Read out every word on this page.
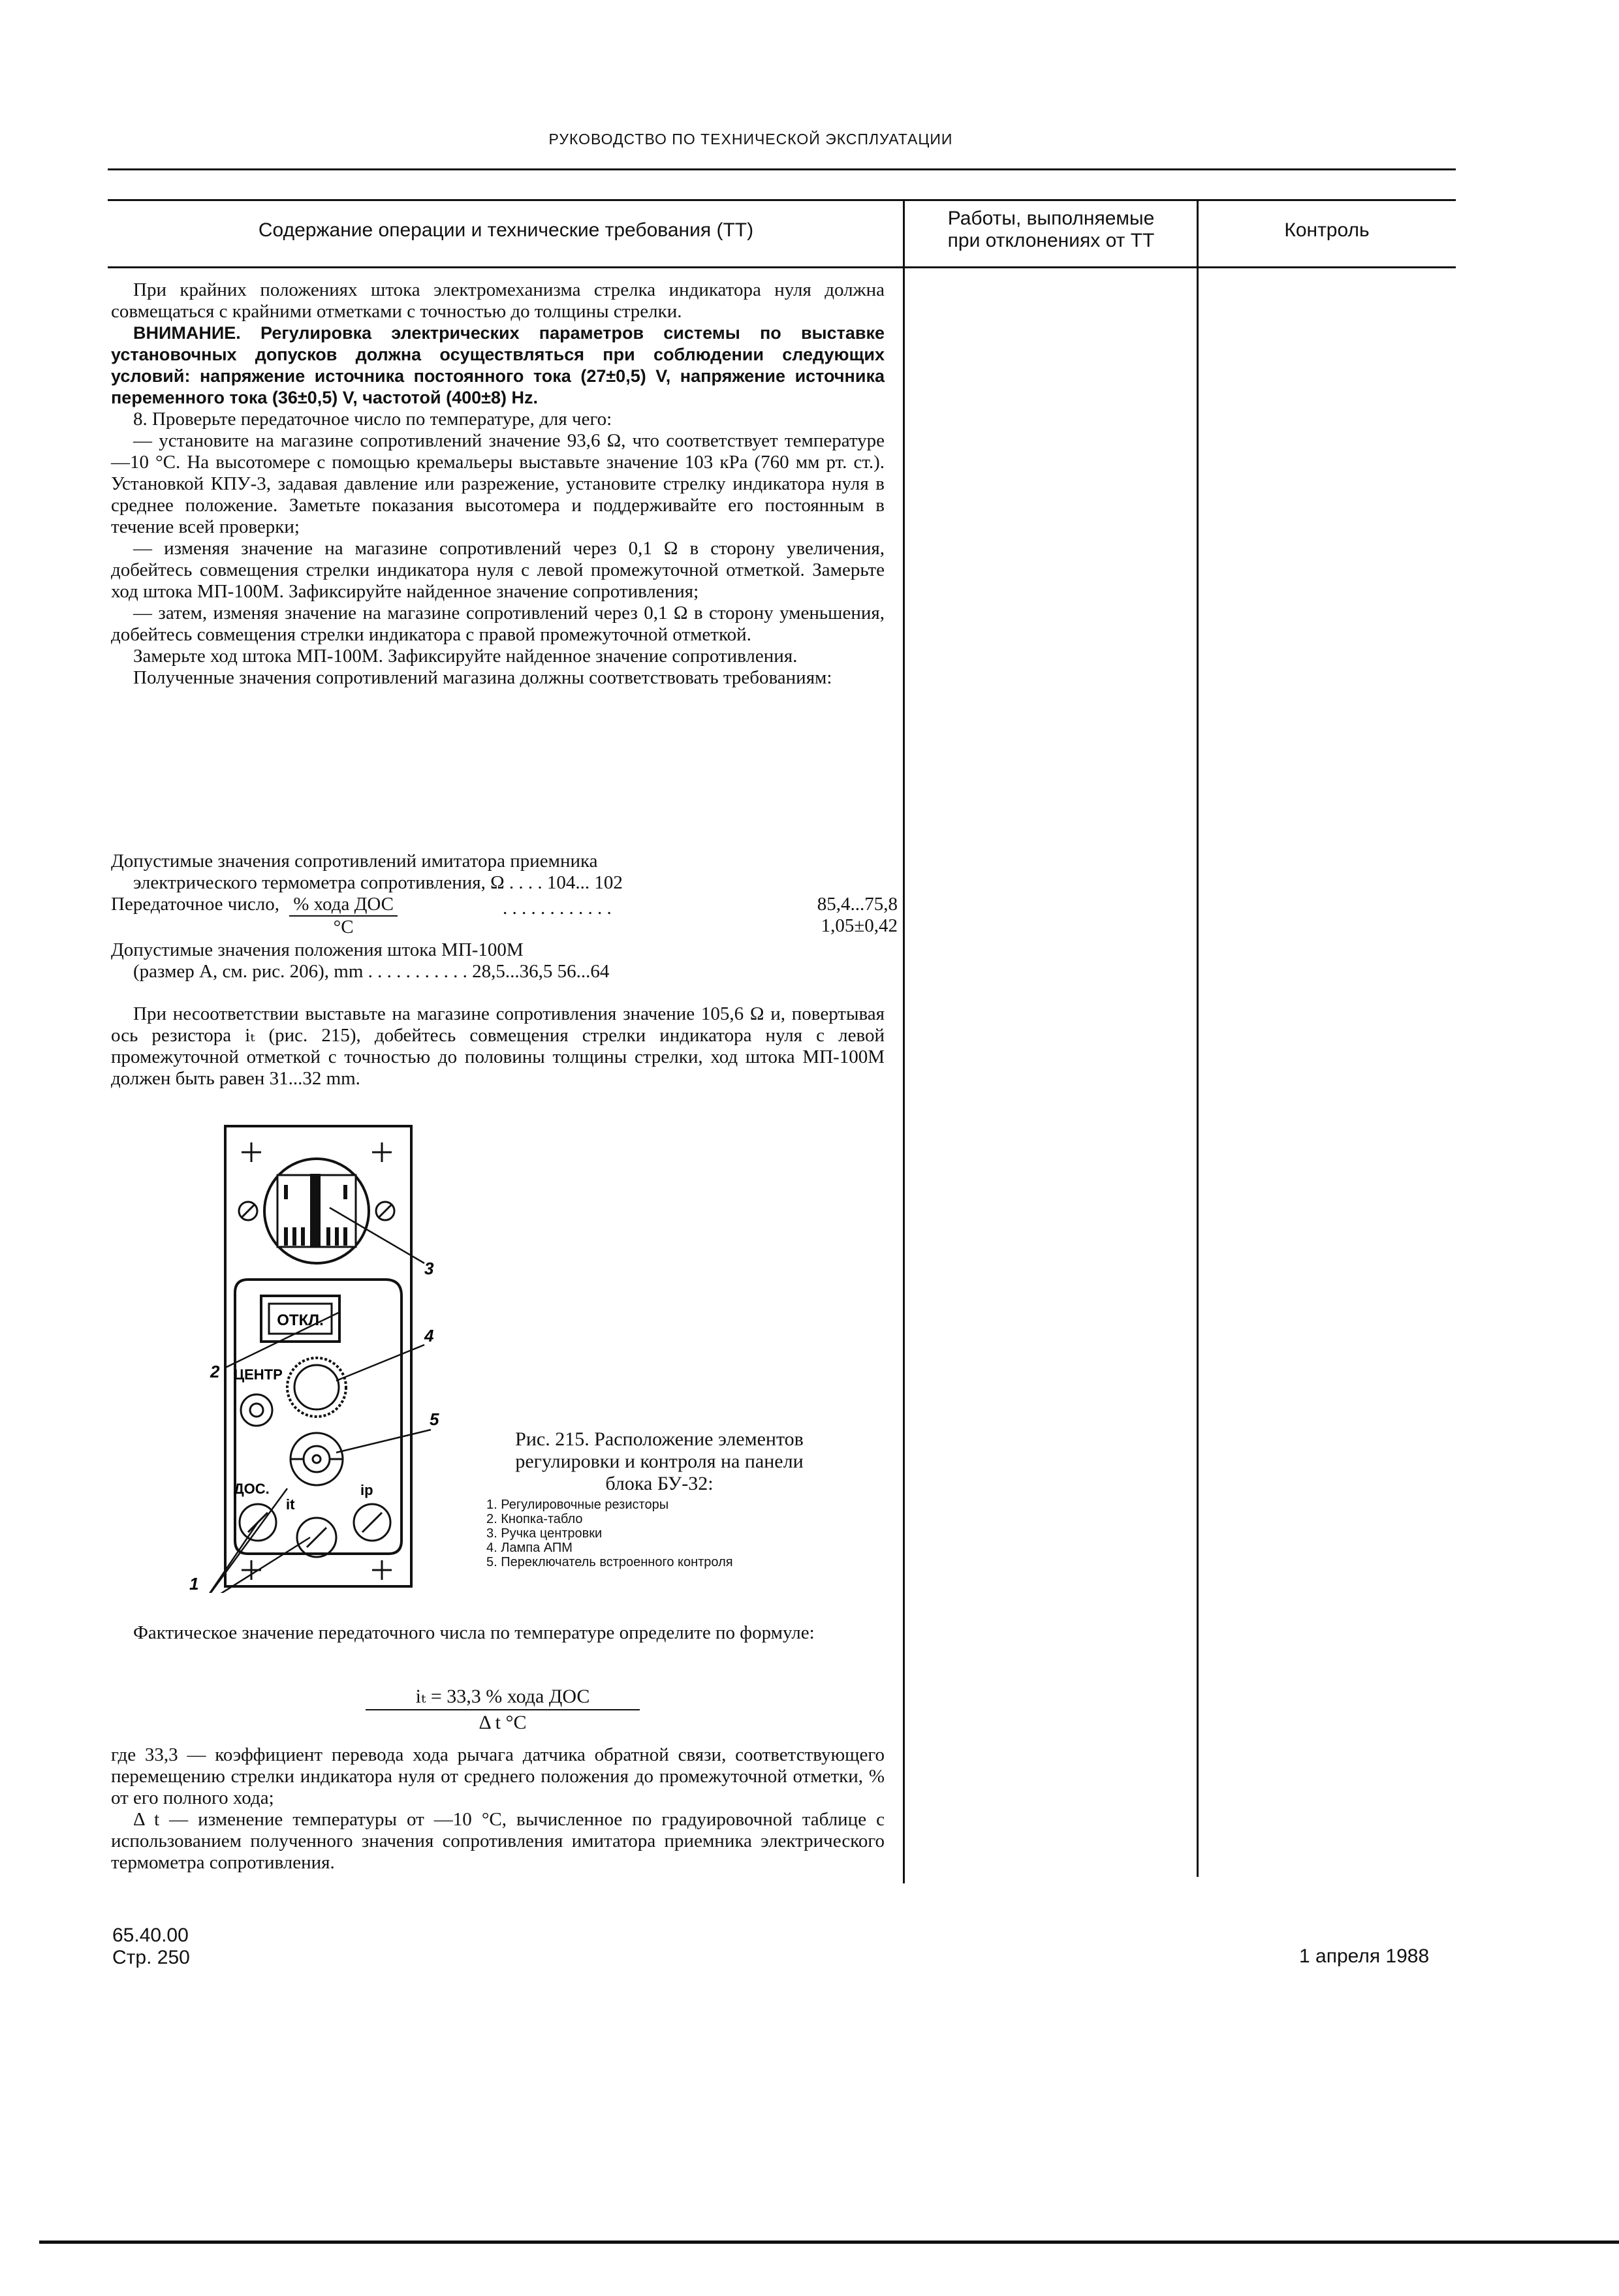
РУКОВОДСТВО ПО ТЕХНИЧЕСКОЙ ЭКСПЛУАТАЦИИ
Содержание операции и технические требования (ТТ)
Работы, выполняемые
при отклонениях от ТТ	Контроль

При крайних положениях штока электромеханизма стрелка индикатора нуля должна совмещаться с крайними отметками с точностью до толщины стрелки.

ВНИМАНИЕ. Регулировка электрических параметров системы по выставке установочных допусков должна осуществляться при соблюдении следующих условий: напряжение источника постоянного тока (27±0,5) V, напряжение источника переменного тока (36±0,5) V, частотой (400±8) Hz.

8. Проверьте передаточное число по температуре, для чего:

— установите на магазине сопротивлений значение 93,6 Ω, что соответствует температуре —10 °С. На высотомере с помощью кремальеры выставьте значение 103 кРа (760 мм рт. ст.). Установкой КПУ-3, задавая давление или разрежение, установите стрелку индикатора нуля в среднее положение. Заметьте показания высотомера и поддерживайте его постоянным в течение всей проверки;

— изменяя значение на магазине сопротивлений через 0,1 Ω в сторону увеличения, добейтесь совмещения стрелки индикатора нуля с левой промежуточной отметкой. Замерьте ход штока МП-100М. Зафиксируйте найденное значение сопротивления;

— затем, изменяя значение на магазине сопротивлений через 0,1 Ω в сторону уменьшения, добейтесь совмещения стрелки индикатора с правой промежуточной отметкой.

Замерьте ход штока МП-100М. Зафиксируйте найденное значение сопротивления.

Полученные значения сопротивлений магазина должны соответствовать требованиям:

Допустимые значения сопротивлений имитатора приемника
электрического термометра сопротивления, Ω . . . . 104... 102
Передаточное число, $\frac{\text{\% хода ДОС}}{^\circ С}$	. . . . . . . . . . . .	85,4...75,8
1,05±0,42
Допустимые значения положения штока МП-100М
(размер А, см. рис. 206), mm . . . . . . . . . . . 28,5...36,5 56...64

При несоответствии выставьте на магазине сопротивления значение 105,6 Ω и, повертывая ось резистора iₜ (рис. 215), добейтесь совмещения стрелки индикатора нуля с левой промежуточной отметкой с точностью до половины толщины стрелки, ход штока МП-100М должен быть равен 31...32 mm.

ОТКЛ.
ЦЕНТР
ДОС.
it
iр
3
2
4
5
1
Рис. 215. Расположение элементов
регулировки и контроля на панели
блока БУ-32:
1. Регулировочные резисторы
2. Кнопка-табло
3. Ручка центровки
4. Лампа АПМ
5. Переключатель встроенного контроля

Фактическое значение передаточного числа по температуре определите по формуле:

iₜ = 33,3 % хода ДОС
Δ t °C

где 33,3 — коэффициент перевода хода рычага датчика обратной связи, соответствующего перемещению стрелки индикатора нуля от среднего положения до промежуточной отметки, % от его полного хода;

Δ t — изменение температуры от —10 °С, вычисленное по градуировочной таблице с использованием полученного значения сопротивления имитатора приемника электрического термометра сопротивления.

65.40.00
Стр. 250	1 апреля 1988
